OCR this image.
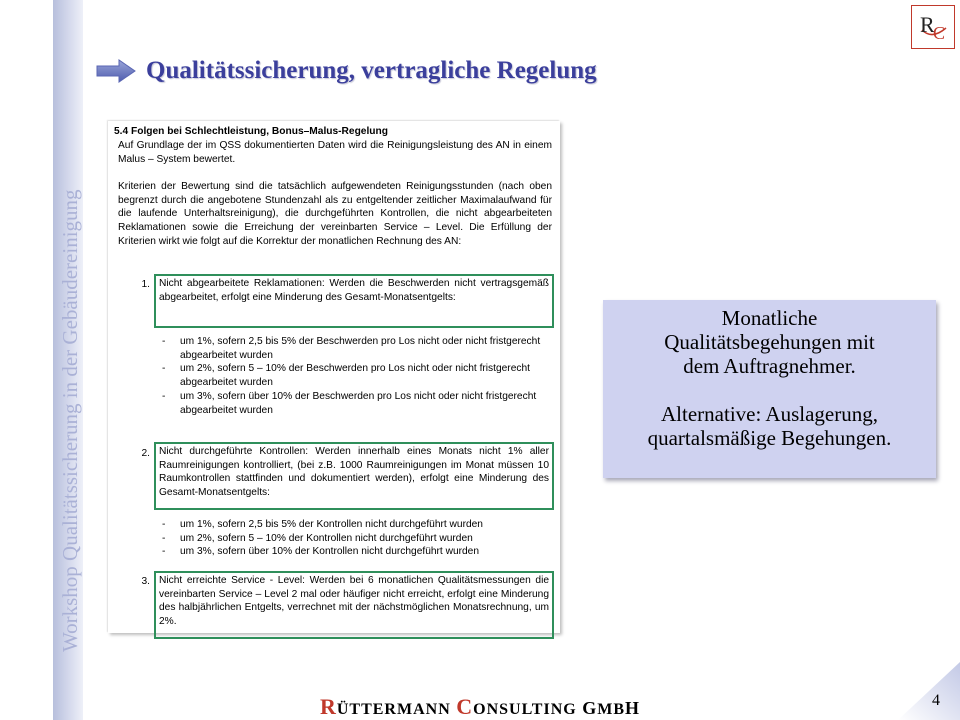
Workshop Qualitätssicherung in der Gebäudereinigung
R
C
Qualitätssicherung, vertragliche Regelung
5.4 Folgen bei Schlechtleistung, Bonus–Malus-Regelung
Auf Grundlage der im QSS dokumentierten Daten wird die Reinigungsleistung des AN in einem Malus – System bewertet.
Kriterien der Bewertung sind die tatsächlich aufgewendeten Reinigungsstunden (nach oben begrenzt durch die angebotene Stundenzahl als zu entgeltender zeitlicher Maximalaufwand für die laufende Unterhaltsreinigung), die durchgeführten Kontrollen, die nicht abgearbeiteten Reklamationen sowie die Erreichung der vereinbarten Service – Level. Die Erfüllung der Kriterien wirkt wie folgt auf die Korrektur der monatlichen Rechnung des AN:
1. Nicht abgearbeitete Reklamationen: Werden die Beschwerden nicht vertragsgemäß abgearbeitet, erfolgt eine Minderung des Gesamt-Monatsentgelts:
- um 1%, sofern 2,5 bis 5% der Beschwerden pro Los nicht oder nicht fristgerecht abgearbeitet wurden
- um 2%, sofern 5 – 10% der Beschwerden pro Los nicht oder nicht fristgerecht abgearbeitet wurden
- um 3%, sofern über 10% der Beschwerden pro Los nicht oder nicht fristgerecht abgearbeitet wurden
2. Nicht durchgeführte Kontrollen: Werden innerhalb eines Monats nicht 1% aller Raumreinigungen kontrolliert, (bei z.B. 1000 Raumreinigungen im Monat müssen 10 Raumkontrollen stattfinden und dokumentiert werden), erfolgt eine Minderung des Gesamt-Monatsentgelts:
- um 1%, sofern 2,5 bis 5% der Kontrollen nicht durchgeführt wurden
- um 2%, sofern 5 – 10% der Kontrollen nicht durchgeführt wurden
- um 3%, sofern über 10% der Kontrollen nicht durchgeführt wurden
3. Nicht erreichte Service - Level: Werden bei 6 monatlichen Qualitätsmessungen die vereinbarten Service – Level 2 mal oder häufiger nicht erreicht, erfolgt eine Minderung des halbjährlichen Entgelts, verrechnet mit der nächstmöglichen Monatsrechnung, um 2%.

Monatliche

Qualitätsbegehungen mit

dem Auftragnehmer.

Alternative: Auslagerung,

quartalsmäßige Begehungen.

4
RÜTTERMANN CONSULTING GMBH
